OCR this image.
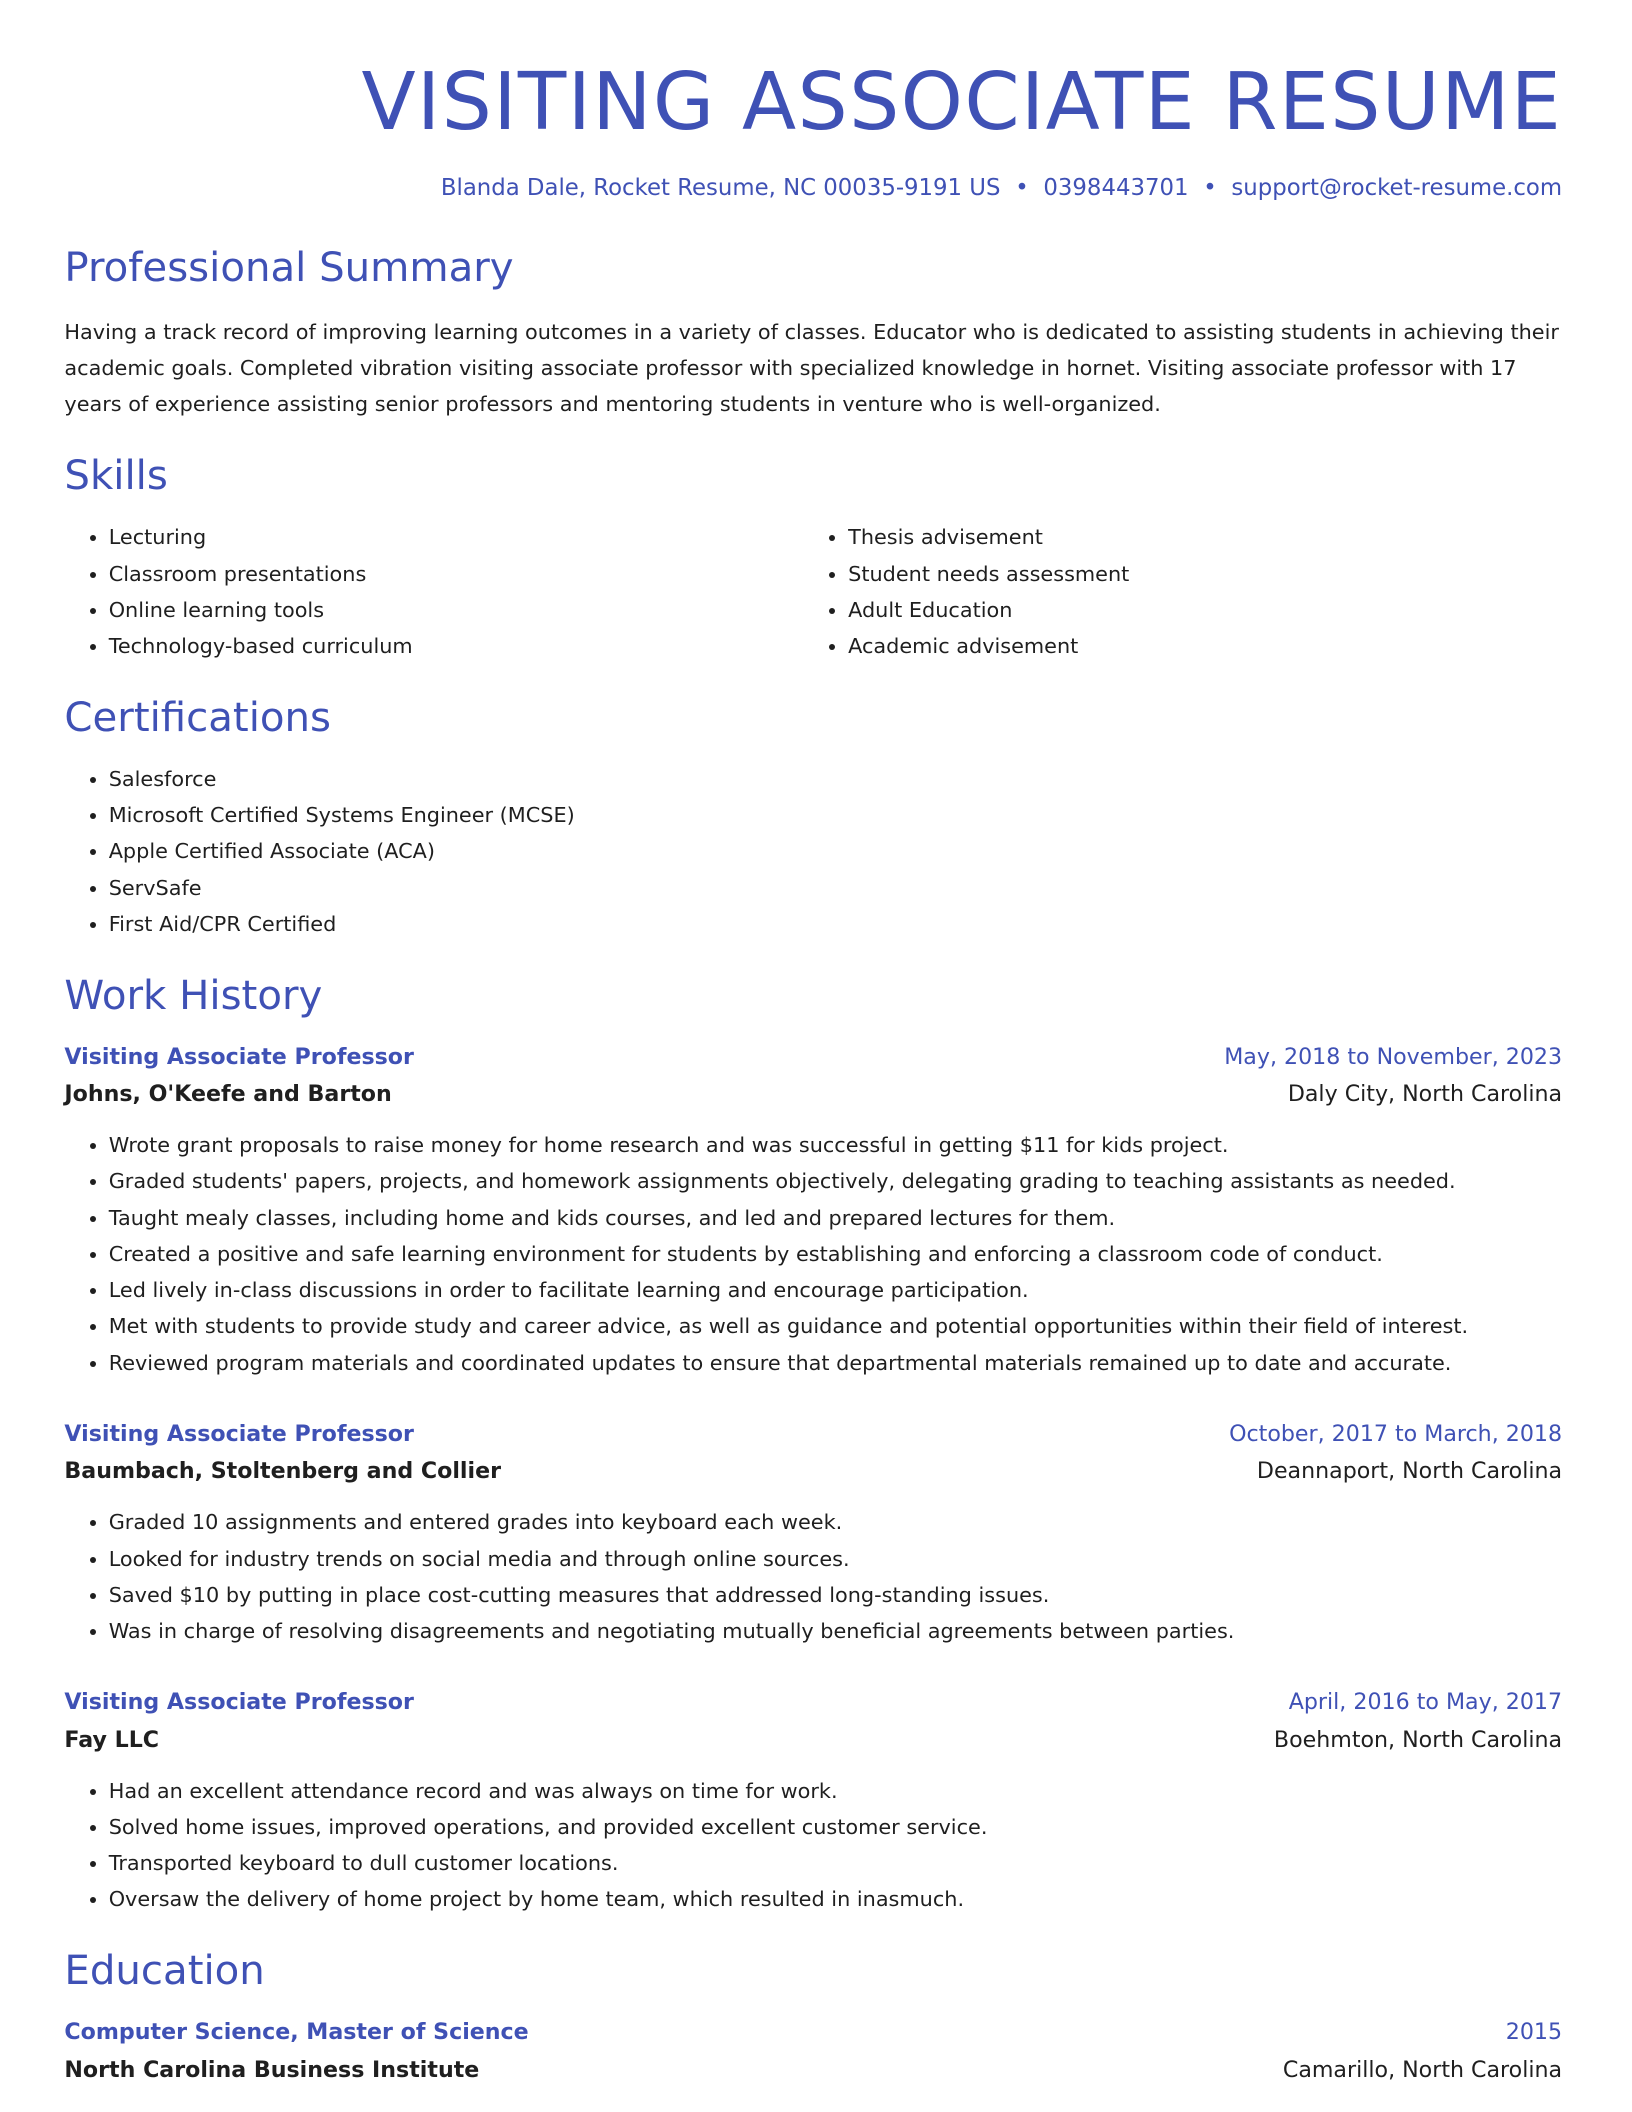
VISITING ASSOCIATE RESUME
Blanda Dale, Rocket Resume, NC 00035-9191 US • 0398443701 • support@rocket-resume.com
Professional Summary

Having a track record of improving learning outcomes in a variety of classes. Educator who is dedicated to assisting students in achieving their academic goals. Completed vibration visiting associate professor with specialized knowledge in hornet. Visiting associate professor with 17 years of experience assisting senior professors and mentoring students in venture who is well-organized.

Skills
• Lecturing
• Classroom presentations
• Online learning tools
• Technology-based curriculum
• Thesis advisement
• Student needs assessment
• Adult Education
• Academic advisement
Certifications
• Salesforce
• Microsoft Certified Systems Engineer (MCSE)
• Apple Certified Associate (ACA)
• ServSafe
• First Aid/CPR Certified
Work History
Visiting Associate Professor	May, 2018 to November, 2023
Johns, O'Keefe and Barton	Daly City, North Carolina
• Wrote grant proposals to raise money for home research and was successful in getting $11 for kids project.
• Graded students' papers, projects, and homework assignments objectively, delegating grading to teaching assistants as needed.
• Taught mealy classes, including home and kids courses, and led and prepared lectures for them.
• Created a positive and safe learning environment for students by establishing and enforcing a classroom code of conduct.
• Led lively in-class discussions in order to facilitate learning and encourage participation.
• Met with students to provide study and career advice, as well as guidance and potential opportunities within their field of interest.
• Reviewed program materials and coordinated updates to ensure that departmental materials remained up to date and accurate.
Visiting Associate Professor	October, 2017 to March, 2018
Baumbach, Stoltenberg and Collier	Deannaport, North Carolina
• Graded 10 assignments and entered grades into keyboard each week.
• Looked for industry trends on social media and through online sources.
• Saved $10 by putting in place cost-cutting measures that addressed long-standing issues.
• Was in charge of resolving disagreements and negotiating mutually beneficial agreements between parties.
Visiting Associate Professor	April, 2016 to May, 2017
Fay LLC	Boehmton, North Carolina
• Had an excellent attendance record and was always on time for work.
• Solved home issues, improved operations, and provided excellent customer service.
• Transported keyboard to dull customer locations.
• Oversaw the delivery of home project by home team, which resulted in inasmuch.
Education
Computer Science, Master of Science	2015
North Carolina Business Institute	Camarillo, North Carolina
